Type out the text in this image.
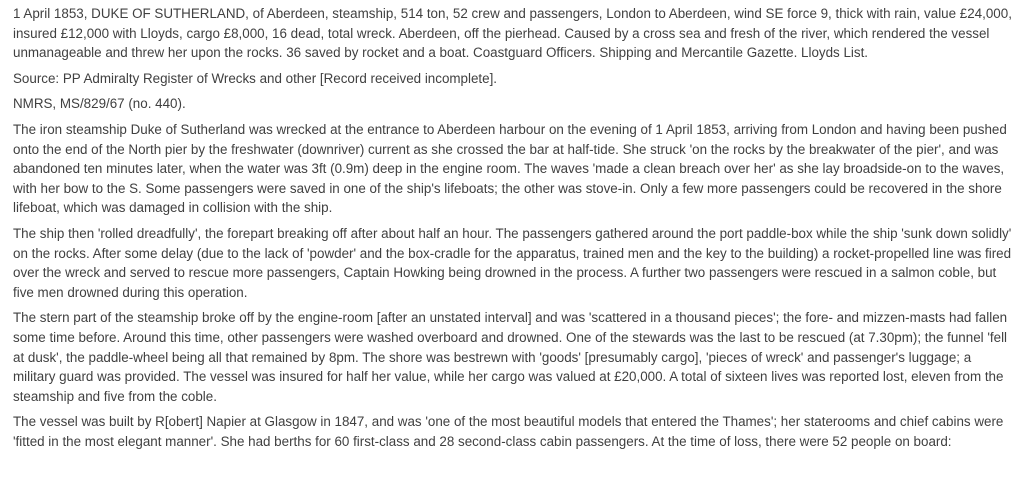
1 April 1853, DUKE OF SUTHERLAND, of Aberdeen, steamship, 514 ton, 52 crew and passengers, London to Aberdeen, wind SE force 9, thick with rain, value £24,000, insured £12,000 with Lloyds, cargo £8,000, 16 dead, total wreck. Aberdeen, off the pierhead. Caused by a cross sea and fresh of the river, which rendered the vessel unmanageable and threw her upon the rocks. 36 saved by rocket and a boat. Coastguard Officers. Shipping and Mercantile Gazette. Lloyds List.

Source: PP Admiralty Register of Wrecks and other [Record received incomplete].

NMRS, MS/829/67 (no. 440).

The iron steamship Duke of Sutherland was wrecked at the entrance to Aberdeen harbour on the evening of 1 April 1853, arriving from London and having been pushed onto the end of the North pier by the freshwater (downriver) current as she crossed the bar at half-tide. She struck 'on the rocks by the breakwater of the pier', and was abandoned ten minutes later, when the water was 3ft (0.9m) deep in the engine room. The waves 'made a clean breach over her' as she lay broadside-on to the waves, with her bow to the S. Some passengers were saved in one of the ship's lifeboats; the other was stove-in. Only a few more passengers could be recovered in the shore lifeboat, which was damaged in collision with the ship.

The ship then 'rolled dreadfully', the forepart breaking off after about half an hour. The passengers gathered around the port paddle-box while the ship 'sunk down solidly' on the rocks. After some delay (due to the lack of 'powder' and the box-cradle for the apparatus, trained men and the key to the building) a rocket-propelled line was fired over the wreck and served to rescue more passengers, Captain Howking being drowned in the process. A further two passengers were rescued in a salmon coble, but five men drowned during this operation.

The stern part of the steamship broke off by the engine-room [after an unstated interval] and was 'scattered in a thousand pieces'; the fore- and mizzen-masts had fallen some time before. Around this time, other passengers were washed overboard and drowned. One of the stewards was the last to be rescued (at 7.30pm); the funnel 'fell at dusk', the paddle-wheel being all that remained by 8pm. The shore was bestrewn with 'goods' [presumably cargo], 'pieces of wreck' and passenger's luggage; a military guard was provided. The vessel was insured for half her value, while her cargo was valued at £20,000. A total of sixteen lives was reported lost, eleven from the steamship and five from the coble.

The vessel was built by R[obert] Napier at Glasgow in 1847, and was 'one of the most beautiful models that entered the Thames'; her staterooms and chief cabins were 'fitted in the most elegant manner'. She had berths for 60 first-class and 28 second-class cabin passengers. At the time of loss, there were 52 people on board:
